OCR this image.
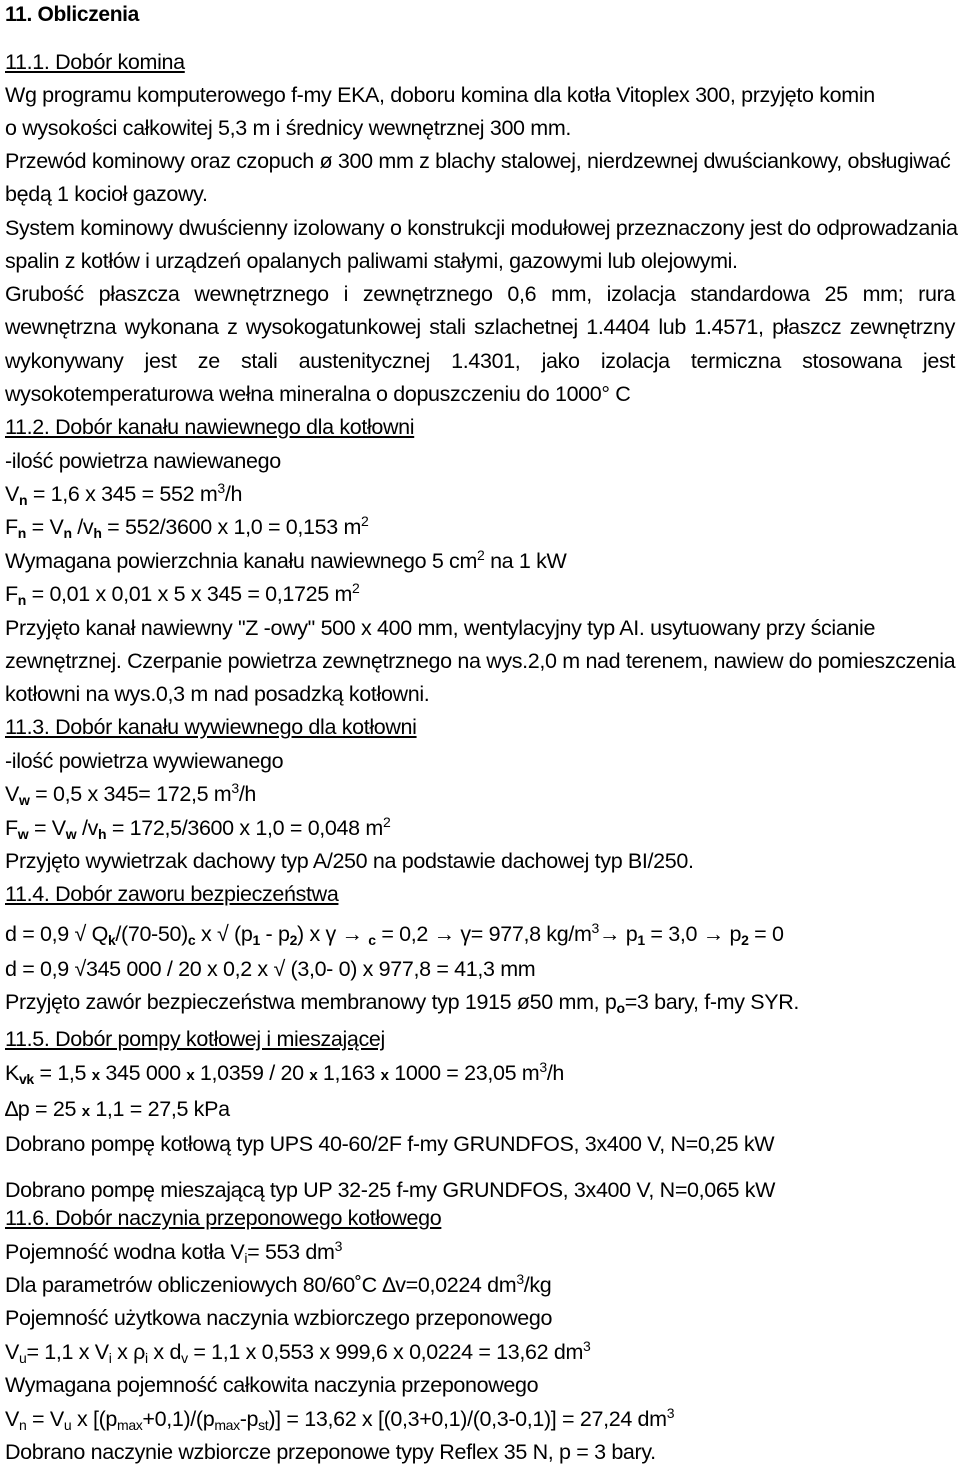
11. Obliczenia
11.1. Dobór komina
Wg programu komputerowego f-my EKA, doboru komina dla kotła Vitoplex 300, przyjęto komin
o wysokości całkowitej 5,3 m i średnicy wewnętrznej 300 mm.
Przewód kominowy oraz czopuch ø 300 mm z blachy stalowej, nierdzewnej dwuściankowy, obsługiwać
będą 1 kocioł gazowy.
System kominowy dwuścienny izolowany o konstrukcji modułowej przeznaczony jest do odprowadzania
spalin z kotłów i urządzeń opalanych paliwami stałymi, gazowymi lub olejowymi.
Grubość płaszcza wewnętrznego i zewnętrznego 0,6 mm, izolacja standardowa 25 mm; rura
wewnętrzna wykonana z wysokogatunkowej stali szlachetnej 1.4404 lub 1.4571, płaszcz zewnętrzny
wykonywany jest ze stali austenitycznej 1.4301, jako izolacja termiczna stosowana jest
wysokotemperaturowa wełna mineralna o dopuszczeniu do 1000° C
11.2. Dobór kanału nawiewnego dla kotłowni
-ilość powietrza nawiewanego
$V_n = 1,6$ x 345 = 552 $m^3/h$
$F_n = V_n$ $/v_h = 552/3600$ x 1,0 = 0,153 $m^2$
Wymagana powierzchnia kanału nawiewnego 5 $cm^2$ na 1 kW
$F_n = 0,01$ x 0,01 x 5 x 345 = 0,1725 $m^2$
Przyjęto kanał nawiewny "Z -owy" 500 x 400 mm, wentylacyjny typ AI. usytuowany przy ścianie
zewnętrznej. Czerpanie powietrza zewnętrznego na wys.2,0 m nad terenem, nawiew do pomieszczenia
kotłowni na wys.0,3 m nad posadzką kotłowni.
11.3. Dobór kanału wywiewnego dla kotłowni
-ilość powietrza wywiewanego
$V_w = 0,5$ x 345= 172,5 $m^3/h$
$F_w = V_w$ $/v_h = 172,5/3600$ x 1,0 = 0,048 $m^2$
Przyjęto wywietrzak dachowy typ A/250 na podstawie dachowej typ BI/250.
11.4. Dobór zaworu bezpieczeństwa
d = 0,9 √ $Q_k/(70-50)_c$ x √ $(p_1 - p_2)$ x γ → $_c$ = 0,2 → γ= 977,8 $kg/m^3\to p_1 = 3,0 \to p_2 = 0$
d = 0,9 √345 000 / 20 x 0,2 x √ (3,0- 0) x 977,8 = 41,3 mm
Przyjęto zawór bezpieczeństwa membranowy typ 1915 ø50 mm, $p_o=3$ bary, f-my SYR.
11.5. Dobór pompy kotłowej i mieszającej
$K_{vk} = 1,5$ x 345 000 x 1,0359 / 20 x 1,163 x 1000 = 23,05 $m^3/h$
∆p = 25 x 1,1 = 27,5 kPa
Dobrano pompę kotłową typ UPS 40-60/2F f-my GRUNDFOS, 3x400 V, N=0,25 kW
Dobrano pompę mieszającą typ UP 32-25 f-my GRUNDFOS, 3x400 V, N=0,065 kW
11.6. Dobór naczynia przeponowego kotłowego
Pojemność wodna kotła $V_i= 553$ $dm^3$
Dla parametrów obliczeniowych 80/60˚C ∆v=0,0224 $dm^3/kg$
Pojemność użytkowa naczynia wzbiorczego przeponowego
$V_u= 1,1$ x $V_i$ x $\rho_i$ x $d_v = 1,1$ x 0,553 x 999,6 x 0,0224 = 13,62 $dm^3$
Wymagana pojemność całkowita naczynia przeponowego
$V_n = V_u$ x $[(p_{max}+0,1)/(p_{max}-p_{st})] = 13,62$ x [(0,3+0,1)/(0,3-0,1)] = 27,24 $dm^3$
Dobrano naczynie wzbiorcze przeponowe typy Reflex 35 N, p = 3 bary.
